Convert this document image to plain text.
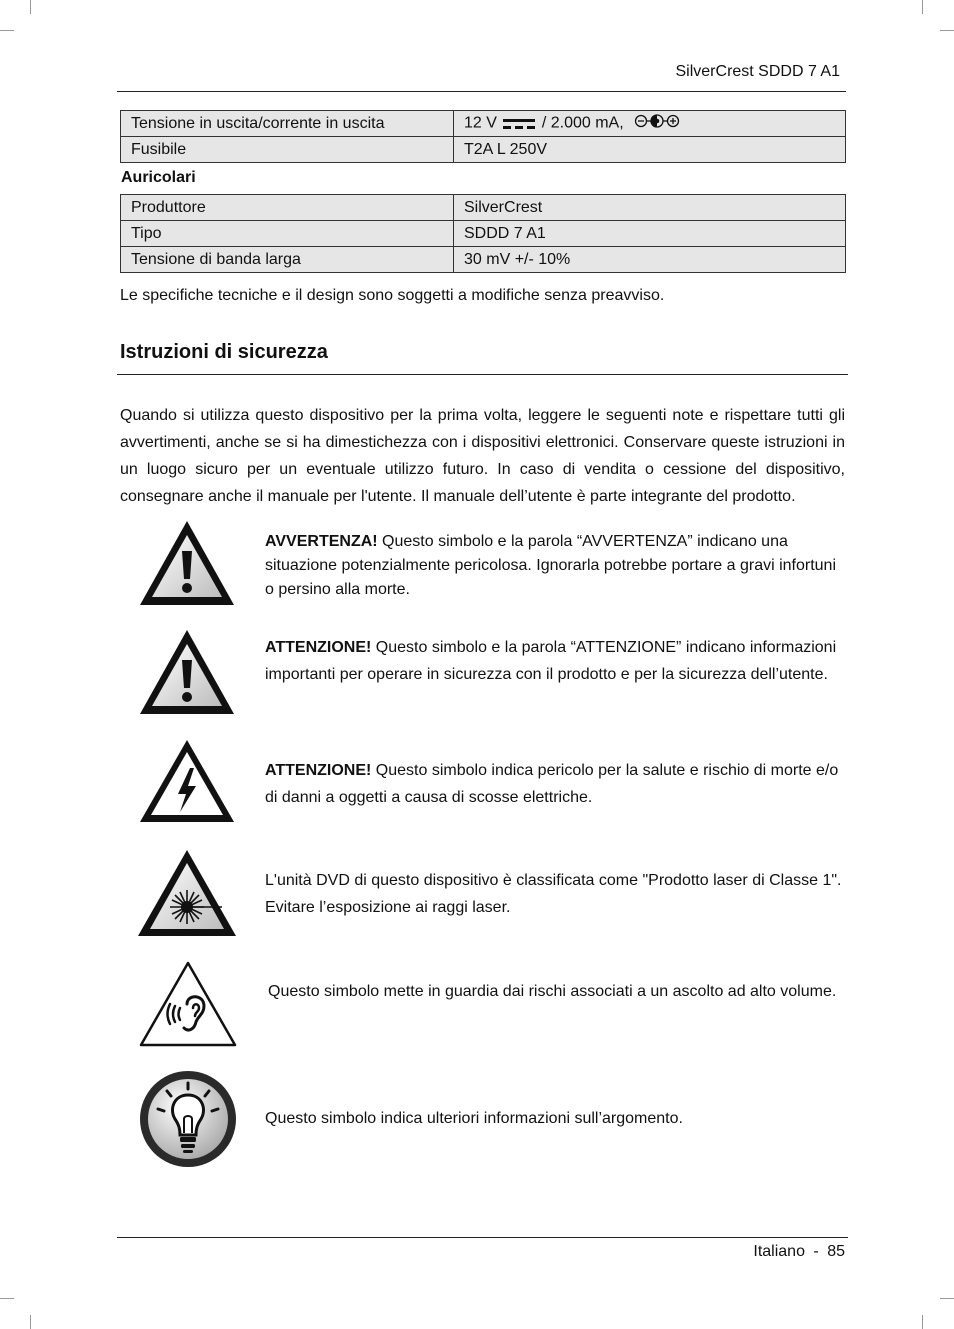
SilverCrest SDDD 7 A1
Tensione in uscita/corrente in uscita	12 V / 2.000 mA,
Fusibile	T2A L 250V
Auricolari
Produttore	SilverCrest
Tipo	SDDD 7 A1
Tensione di banda larga	30 mV +/- 10%
Le specifiche tecniche e il design sono soggetti a modifiche senza preavviso.
Istruzioni di sicurezza

Quando si utilizza questo dispositivo per la prima volta, leggere le seguenti note e rispettare tutti gli avvertimenti, anche se si ha dimestichezza con i dispositivi elettronici. Conservare queste istruzioni in un luogo sicuro per un eventuale utilizzo futuro. In caso di vendita o cessione del dispositivo, consegnare anche il manuale per l'utente. Il manuale dell’utente è parte integrante del prodotto.

AVVERTENZA! Questo simbolo e la parola “AVVERTENZA” indicano una situazione potenzialmente pericolosa. Ignorarla potrebbe portare a gravi infortuni o persino alla morte.

ATTENZIONE! Questo simbolo e la parola “ATTENZIONE” indicano informazioni importanti per operare in sicurezza con il prodotto e per la sicurezza dell’utente.

ATTENZIONE! Questo simbolo indica pericolo per la salute e rischio di morte e/o di danni a oggetti a causa di scosse elettriche.

L'unità DVD di questo dispositivo è classificata come "Prodotto laser di Classe 1". Evitare l’esposizione ai raggi laser.

Questo simbolo mette in guardia dai rischi associati a un ascolto ad alto volume.

Questo simbolo indica ulteriori informazioni sull’argomento.

Italiano - 85
